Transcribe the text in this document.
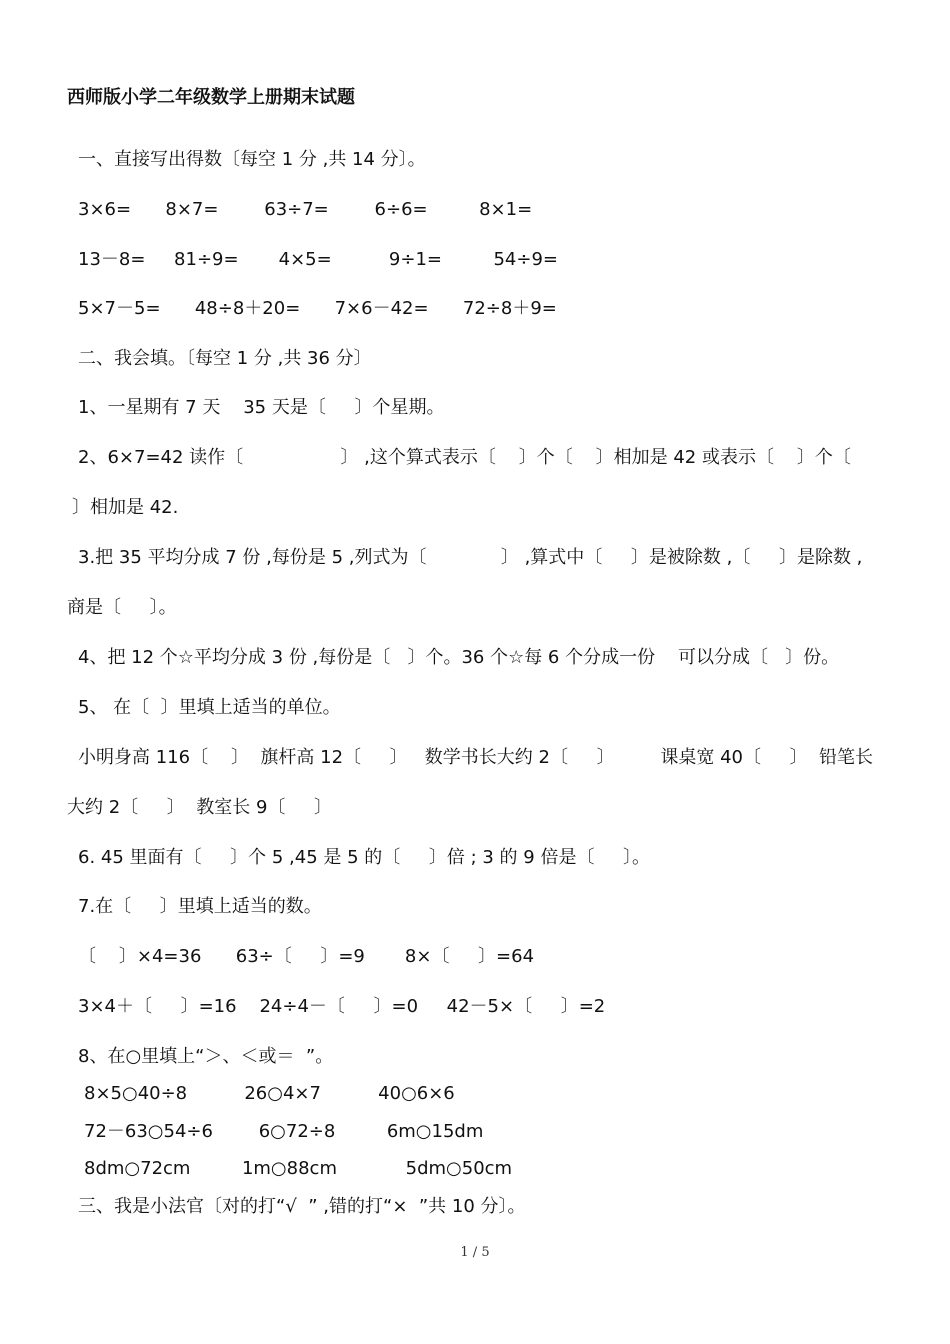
西师版小学二年级数学上册期末试题
一、直接写出得数〔每空 1 分 ,共 14 分〕。
3×6=      8×7=        63÷7=        6÷6=         8×1=
13－8=     81÷9=       4×5=          9÷1=         54÷9=
5×7－5=      48÷8＋20=      7×6－42=      72÷8＋9=
二、我会填。〔每空 1 分 ,共 36 分〕
1、一星期有 7 天    35 天是〔     〕个星期。
2、6×7=42 读作〔                 〕 ,这个算式表示〔    〕个〔    〕相加是 42 或表示〔    〕个〔
〕相加是 42.
3.把 35 平均分成 7 份 ,每份是 5 ,列式为〔             〕 ,算式中〔     〕是被除数 ,〔     〕是除数 ,
商是〔     〕。
4、把 12 个☆平均分成 3 份 ,每份是〔   〕个。36 个☆每 6 个分成一份    可以分成〔   〕份。
5、 在〔  〕里填上适当的单位。
小明身高 116〔    〕  旗杆高 12〔     〕   数学书长大约 2〔     〕        课桌宽 40〔     〕  铅笔长
大约 2〔     〕  教室长 9〔     〕
6. 45 里面有〔     〕个 5 ,45 是 5 的〔     〕倍 ; 3 的 9 倍是〔     〕。
7.在〔     〕里填上适当的数。
〔    〕×4=36      63÷〔     〕=9       8×〔     〕=64
3×4＋〔     〕=16    24÷4－〔     〕=0     42－5×〔     〕=2
8、在○里填上“＞、＜或＝  ”。
8×5○40÷8          26○4×7          40○6×6
72－63○54÷6        6○72÷8         6m○15dm
8dm○72cm         1m○88cm            5dm○50cm
三、我是小法官〔对的打“√  ” ,错的打“×  ”共 10 分〕。
1 / 5
